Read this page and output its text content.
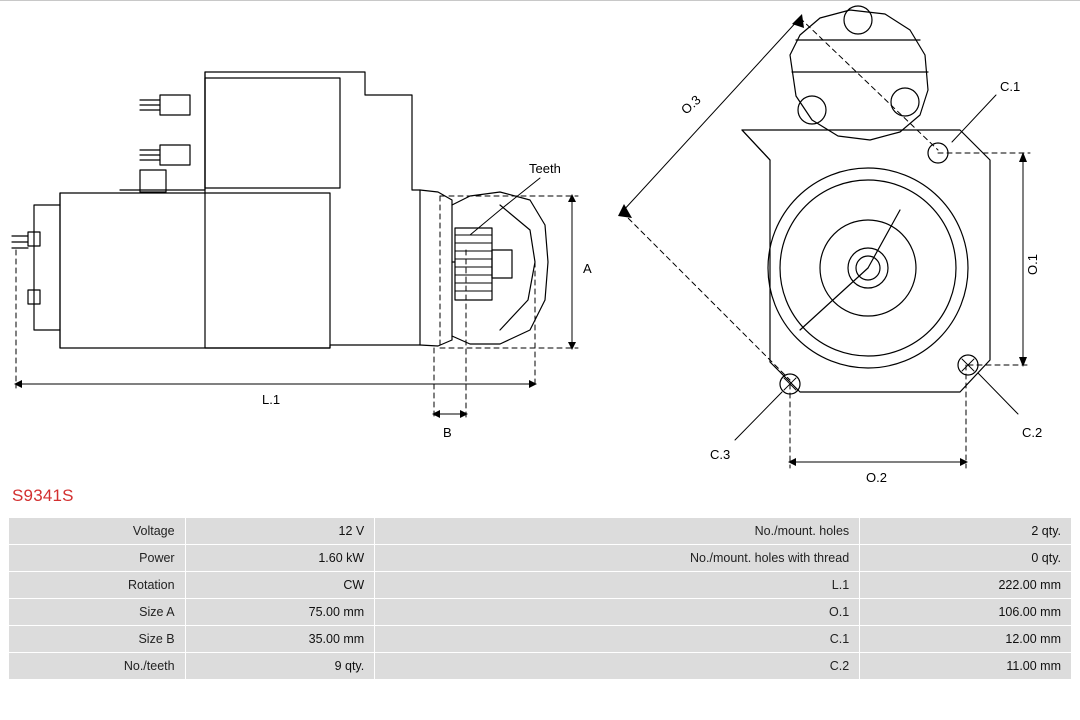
Teeth
A
B
L.1
O.1
O.2
O.3
C.1
C.2
C.3
S9341S
Voltage	12 V	No./mount. holes	2 qty.
Power	1.60 kW	No./mount. holes with thread	0 qty.
Rotation	CW	L.1	222.00 mm
Size A	75.00 mm	O.1	106.00 mm
Size B	35.00 mm	C.1	12.00 mm
No./teeth	9 qty.	C.2	11.00 mm
